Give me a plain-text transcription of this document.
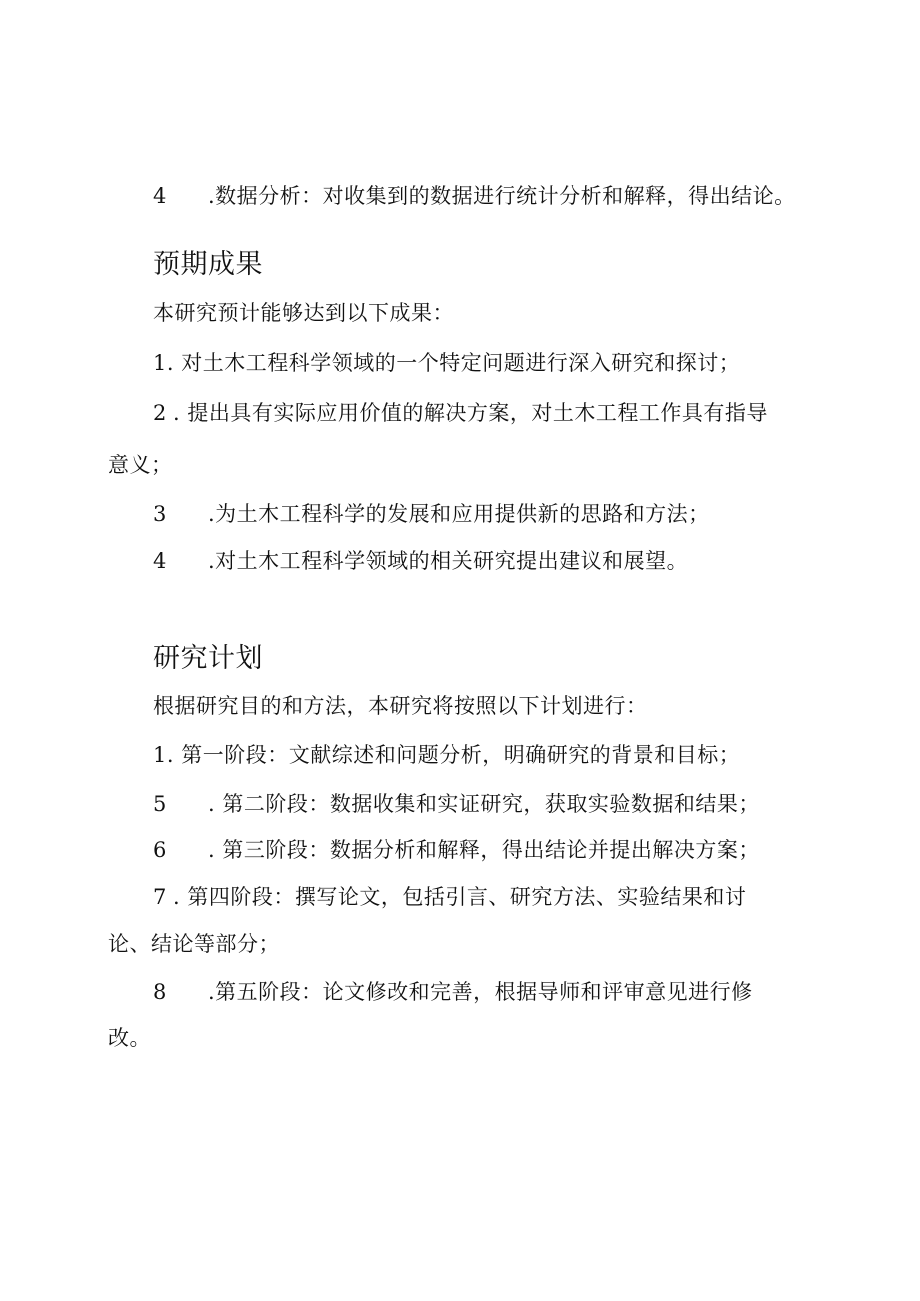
4 .数据分析：对收集到的数据进行统计分析和解释，得出结论。
预期成果
本研究预计能够达到以下成果：
1. 对土木工程科学领域的一个特定问题进行深入研究和探讨；
2 . 提出具有实际应用价值的解决方案，对土木工程工作具有指导
意义；
3 .为土木工程科学的发展和应用提供新的思路和方法；
4 .对土木工程科学领域的相关研究提出建议和展望。
研究计划
根据研究目的和方法，本研究将按照以下计划进行：
1. 第一阶段：文献综述和问题分析，明确研究的背景和目标；
5 . 第二阶段：数据收集和实证研究，获取实验数据和结果；
6 . 第三阶段：数据分析和解释，得出结论并提出解决方案；
7 . 第四阶段：撰写论文，包括引言、研究方法、实验结果和讨
论、结论等部分；
8 .第五阶段：论文修改和完善，根据导师和评审意见进行修
改。
